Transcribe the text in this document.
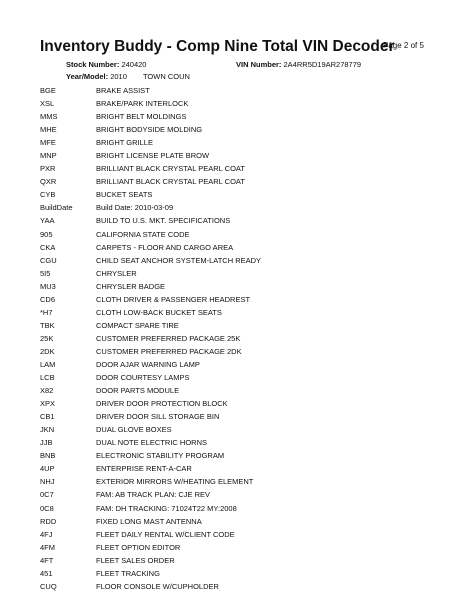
Inventory Buddy - Comp Nine Total VIN Decoder
Page 2 of 5
Stock Number: 240420	VIN Number: 2A4RR5D19AR278779
Year/Model: 2010 TOWN COUN
BGE	BRAKE ASSIST
XSL	BRAKE/PARK INTERLOCK
MMS	BRIGHT BELT MOLDINGS
MHE	BRIGHT BODYSIDE MOLDING
MFE	BRIGHT GRILLE
MNP	BRIGHT LICENSE PLATE BROW
PXR	BRILLIANT BLACK CRYSTAL PEARL COAT
QXR	BRILLIANT BLACK CRYSTAL PEARL COAT
CYB	BUCKET SEATS
BuildDate	Build Date: 2010-03-09
YAA	BUILD TO U.S. MKT. SPECIFICATIONS
905	CALIFORNIA STATE CODE
CKA	CARPETS - FLOOR AND CARGO AREA
CGU	CHILD SEAT ANCHOR SYSTEM-LATCH READY
5I5	CHRYSLER
MU3	CHRYSLER BADGE
CD6	CLOTH DRIVER & PASSENGER HEADREST
*H7	CLOTH LOW-BACK BUCKET SEATS
TBK	COMPACT SPARE TIRE
25K	CUSTOMER PREFERRED PACKAGE 25K
2DK	CUSTOMER PREFERRED PACKAGE 2DK
LAM	DOOR AJAR WARNING LAMP
LCB	DOOR COURTESY LAMPS
X82	DOOR PARTS MODULE
XPX	DRIVER DOOR PROTECTION BLOCK
CB1	DRIVER DOOR SILL STORAGE BIN
JKN	DUAL GLOVE BOXES
JJB	DUAL NOTE ELECTRIC HORNS
BNB	ELECTRONIC STABILITY PROGRAM
4UP	ENTERPRISE RENT-A-CAR
NHJ	EXTERIOR MIRRORS W/HEATING ELEMENT
0C7	FAM: AB TRACK PLAN: CJE REV
0C8	FAM: DH TRACKING: 71024T22 MY:2008
RDD	FIXED LONG MAST ANTENNA
4FJ	FLEET DAILY RENTAL W/CLIENT CODE
4FM	FLEET OPTION EDITOR
4FT	FLEET SALES ORDER
451	FLEET TRACKING
CUQ	FLOOR CONSOLE W/CUPHOLDER
